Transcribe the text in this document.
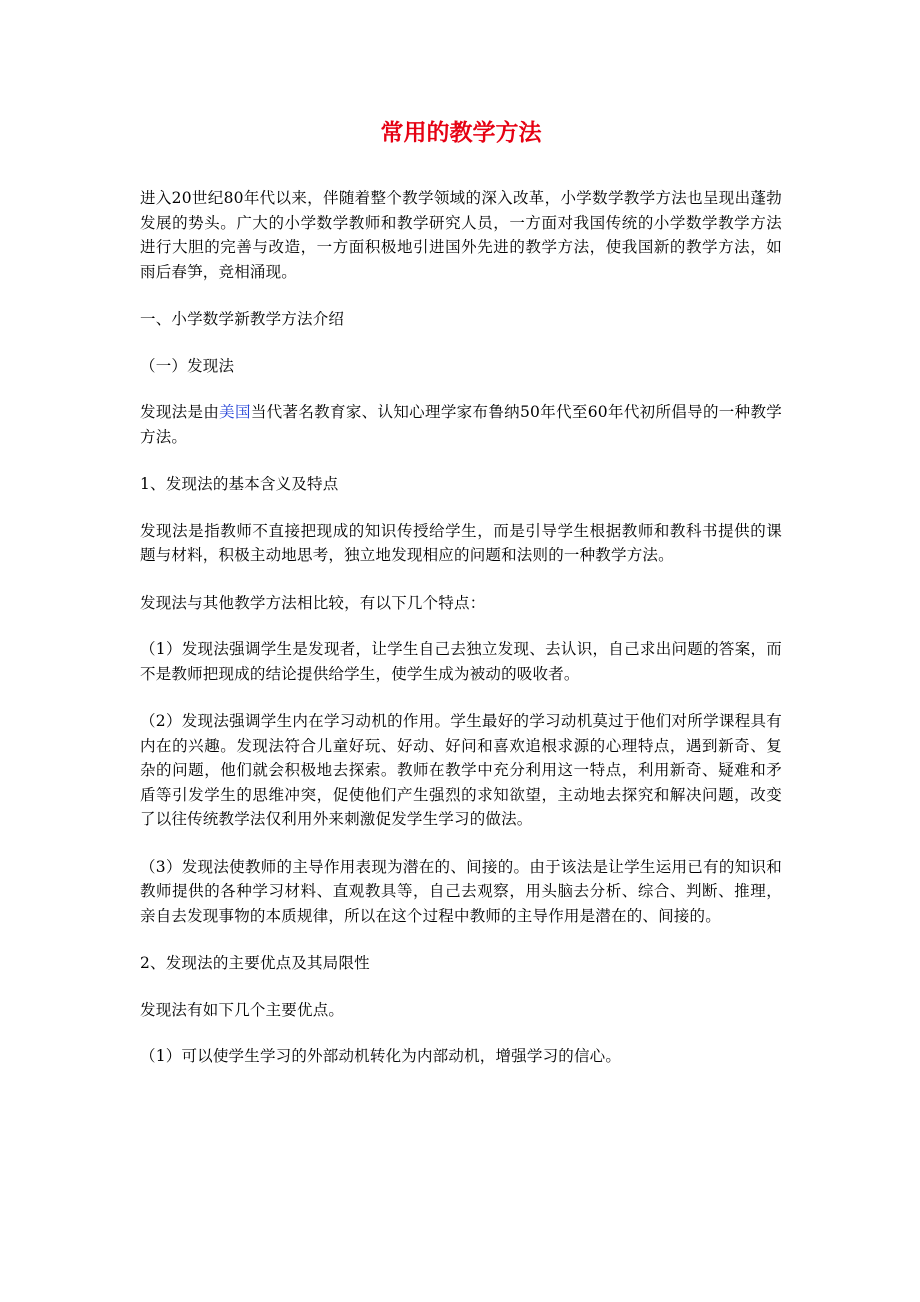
常用的教学方法

进入20世纪80年代以来，伴随着整个教学领域的深入改革，小学数学教学方法也呈现出蓬勃发展的势头。广大的小学数学教师和教学研究人员，一方面对我国传统的小学数学教学方法进行大胆的完善与改造，一方面积极地引进国外先进的教学方法，使我国新的教学方法，如雨后春笋，竞相涌现。

一、小学数学新教学方法介绍

（一）发现法

发现法是由美国当代著名教育家、认知心理学家布鲁纳50年代至60年代初所倡导的一种教学方法。

1、发现法的基本含义及特点

发现法是指教师不直接把现成的知识传授给学生，而是引导学生根据教师和教科书提供的课题与材料，积极主动地思考，独立地发现相应的问题和法则的一种教学方法。

发现法与其他教学方法相比较，有以下几个特点：

（1）发现法强调学生是发现者，让学生自己去独立发现、去认识，自己求出问题的答案，而不是教师把现成的结论提供给学生，使学生成为被动的吸收者。

（2）发现法强调学生内在学习动机的作用。学生最好的学习动机莫过于他们对所学课程具有内在的兴趣。发现法符合儿童好玩、好动、好问和喜欢追根求源的心理特点，遇到新奇、复杂的问题，他们就会积极地去探索。教师在教学中充分利用这一特点，利用新奇、疑难和矛盾等引发学生的思维冲突，促使他们产生强烈的求知欲望，主动地去探究和解决问题，改变了以往传统教学法仅利用外来刺激促发学生学习的做法。

（3）发现法使教师的主导作用表现为潜在的、间接的。由于该法是让学生运用已有的知识和教师提供的各种学习材料、直观教具等，自己去观察，用头脑去分析、综合、判断、推理，亲自去发现事物的本质规律，所以在这个过程中教师的主导作用是潜在的、间接的。

2、发现法的主要优点及其局限性

发现法有如下几个主要优点。

（1）可以使学生学习的外部动机转化为内部动机，增强学习的信心。
